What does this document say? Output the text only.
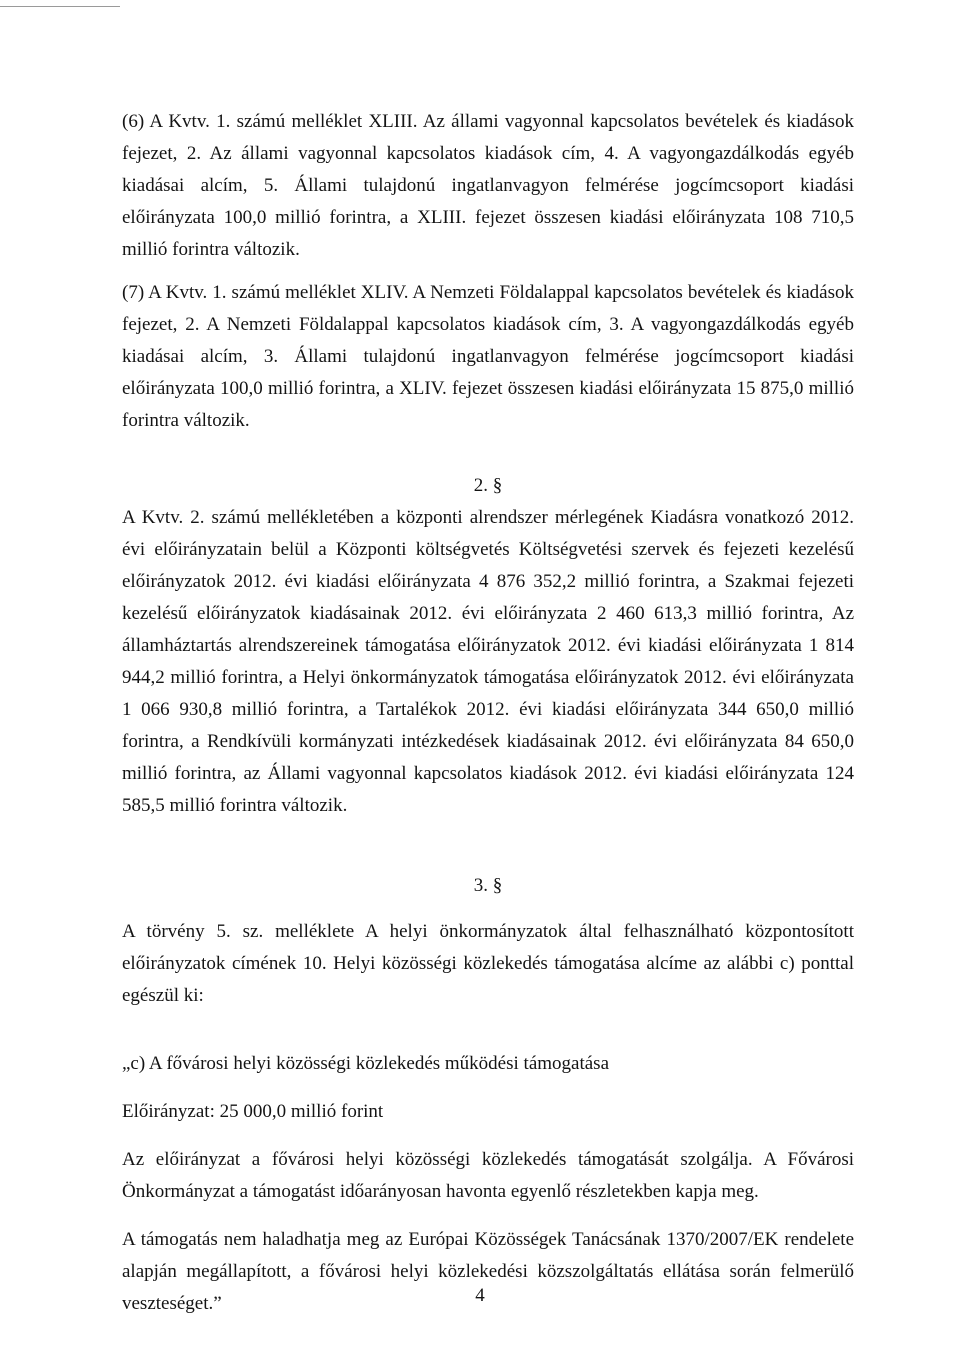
(6) A Kvtv. 1. számú melléklet XLIII. Az állami vagyonnal kapcsolatos bevételek és kiadások fejezet, 2. Az állami vagyonnal kapcsolatos kiadások cím, 4. A vagyongazdálkodás egyéb kiadásai alcím, 5. Állami tulajdonú ingatlanvagyon felmérése jogcímcsoport kiadási előirányzata 100,0 millió forintra, a XLIII. fejezet összesen kiadási előirányzata 108 710,5 millió forintra változik.

(7) A Kvtv. 1. számú melléklet XLIV. A Nemzeti Földalappal kapcsolatos bevételek és kiadások fejezet, 2. A Nemzeti Földalappal kapcsolatos kiadások cím, 3. A vagyongazdálkodás egyéb kiadásai alcím, 3. Állami tulajdonú ingatlanvagyon felmérése jogcímcsoport kiadási előirányzata 100,0 millió forintra, a XLIV. fejezet összesen kiadási előirányzata 15 875,0 millió forintra változik.

2. §

A Kvtv. 2. számú mellékletében a központi alrendszer mérlegének Kiadásra vonatkozó 2012. évi előirányzatain belül a Központi költségvetés Költségvetési szervek és fejezeti kezelésű előirányzatok 2012. évi kiadási előirányzata 4 876 352,2 millió forintra, a Szakmai fejezeti kezelésű előirányzatok kiadásainak 2012. évi előirányzata 2 460 613,3 millió forintra, Az államháztartás alrendszereinek támogatása előirányzatok 2012. évi kiadási előirányzata 1 814 944,2 millió forintra, a Helyi önkormányzatok támogatása előirányzatok 2012. évi előirányzata 1 066 930,8 millió forintra, a Tartalékok 2012. évi kiadási előirányzata 344 650,0 millió forintra, a Rendkívüli kormányzati intézkedések kiadásainak 2012. évi előirányzata 84 650,0 millió forintra, az Állami vagyonnal kapcsolatos kiadások 2012. évi kiadási előirányzata 124 585,5 millió forintra változik.

3. §

A törvény 5. sz. melléklete A helyi önkormányzatok által felhasználható központosított előirányzatok címének 10. Helyi közösségi közlekedés támogatása alcíme az alábbi c) ponttal egészül ki:

„c) A fővárosi helyi közösségi közlekedés működési támogatása

Előirányzat: 25 000,0 millió forint

Az előirányzat a fővárosi helyi közösségi közlekedés támogatását szolgálja. A Fővárosi Önkormányzat a támogatást időarányosan havonta egyenlő részletekben kapja meg.

A támogatás nem haladhatja meg az Európai Közösségek Tanácsának 1370/2007/EK rendelete alapján megállapított, a fővárosi helyi közlekedési közszolgáltatás ellátása során felmerülő veszteséget.”	4
